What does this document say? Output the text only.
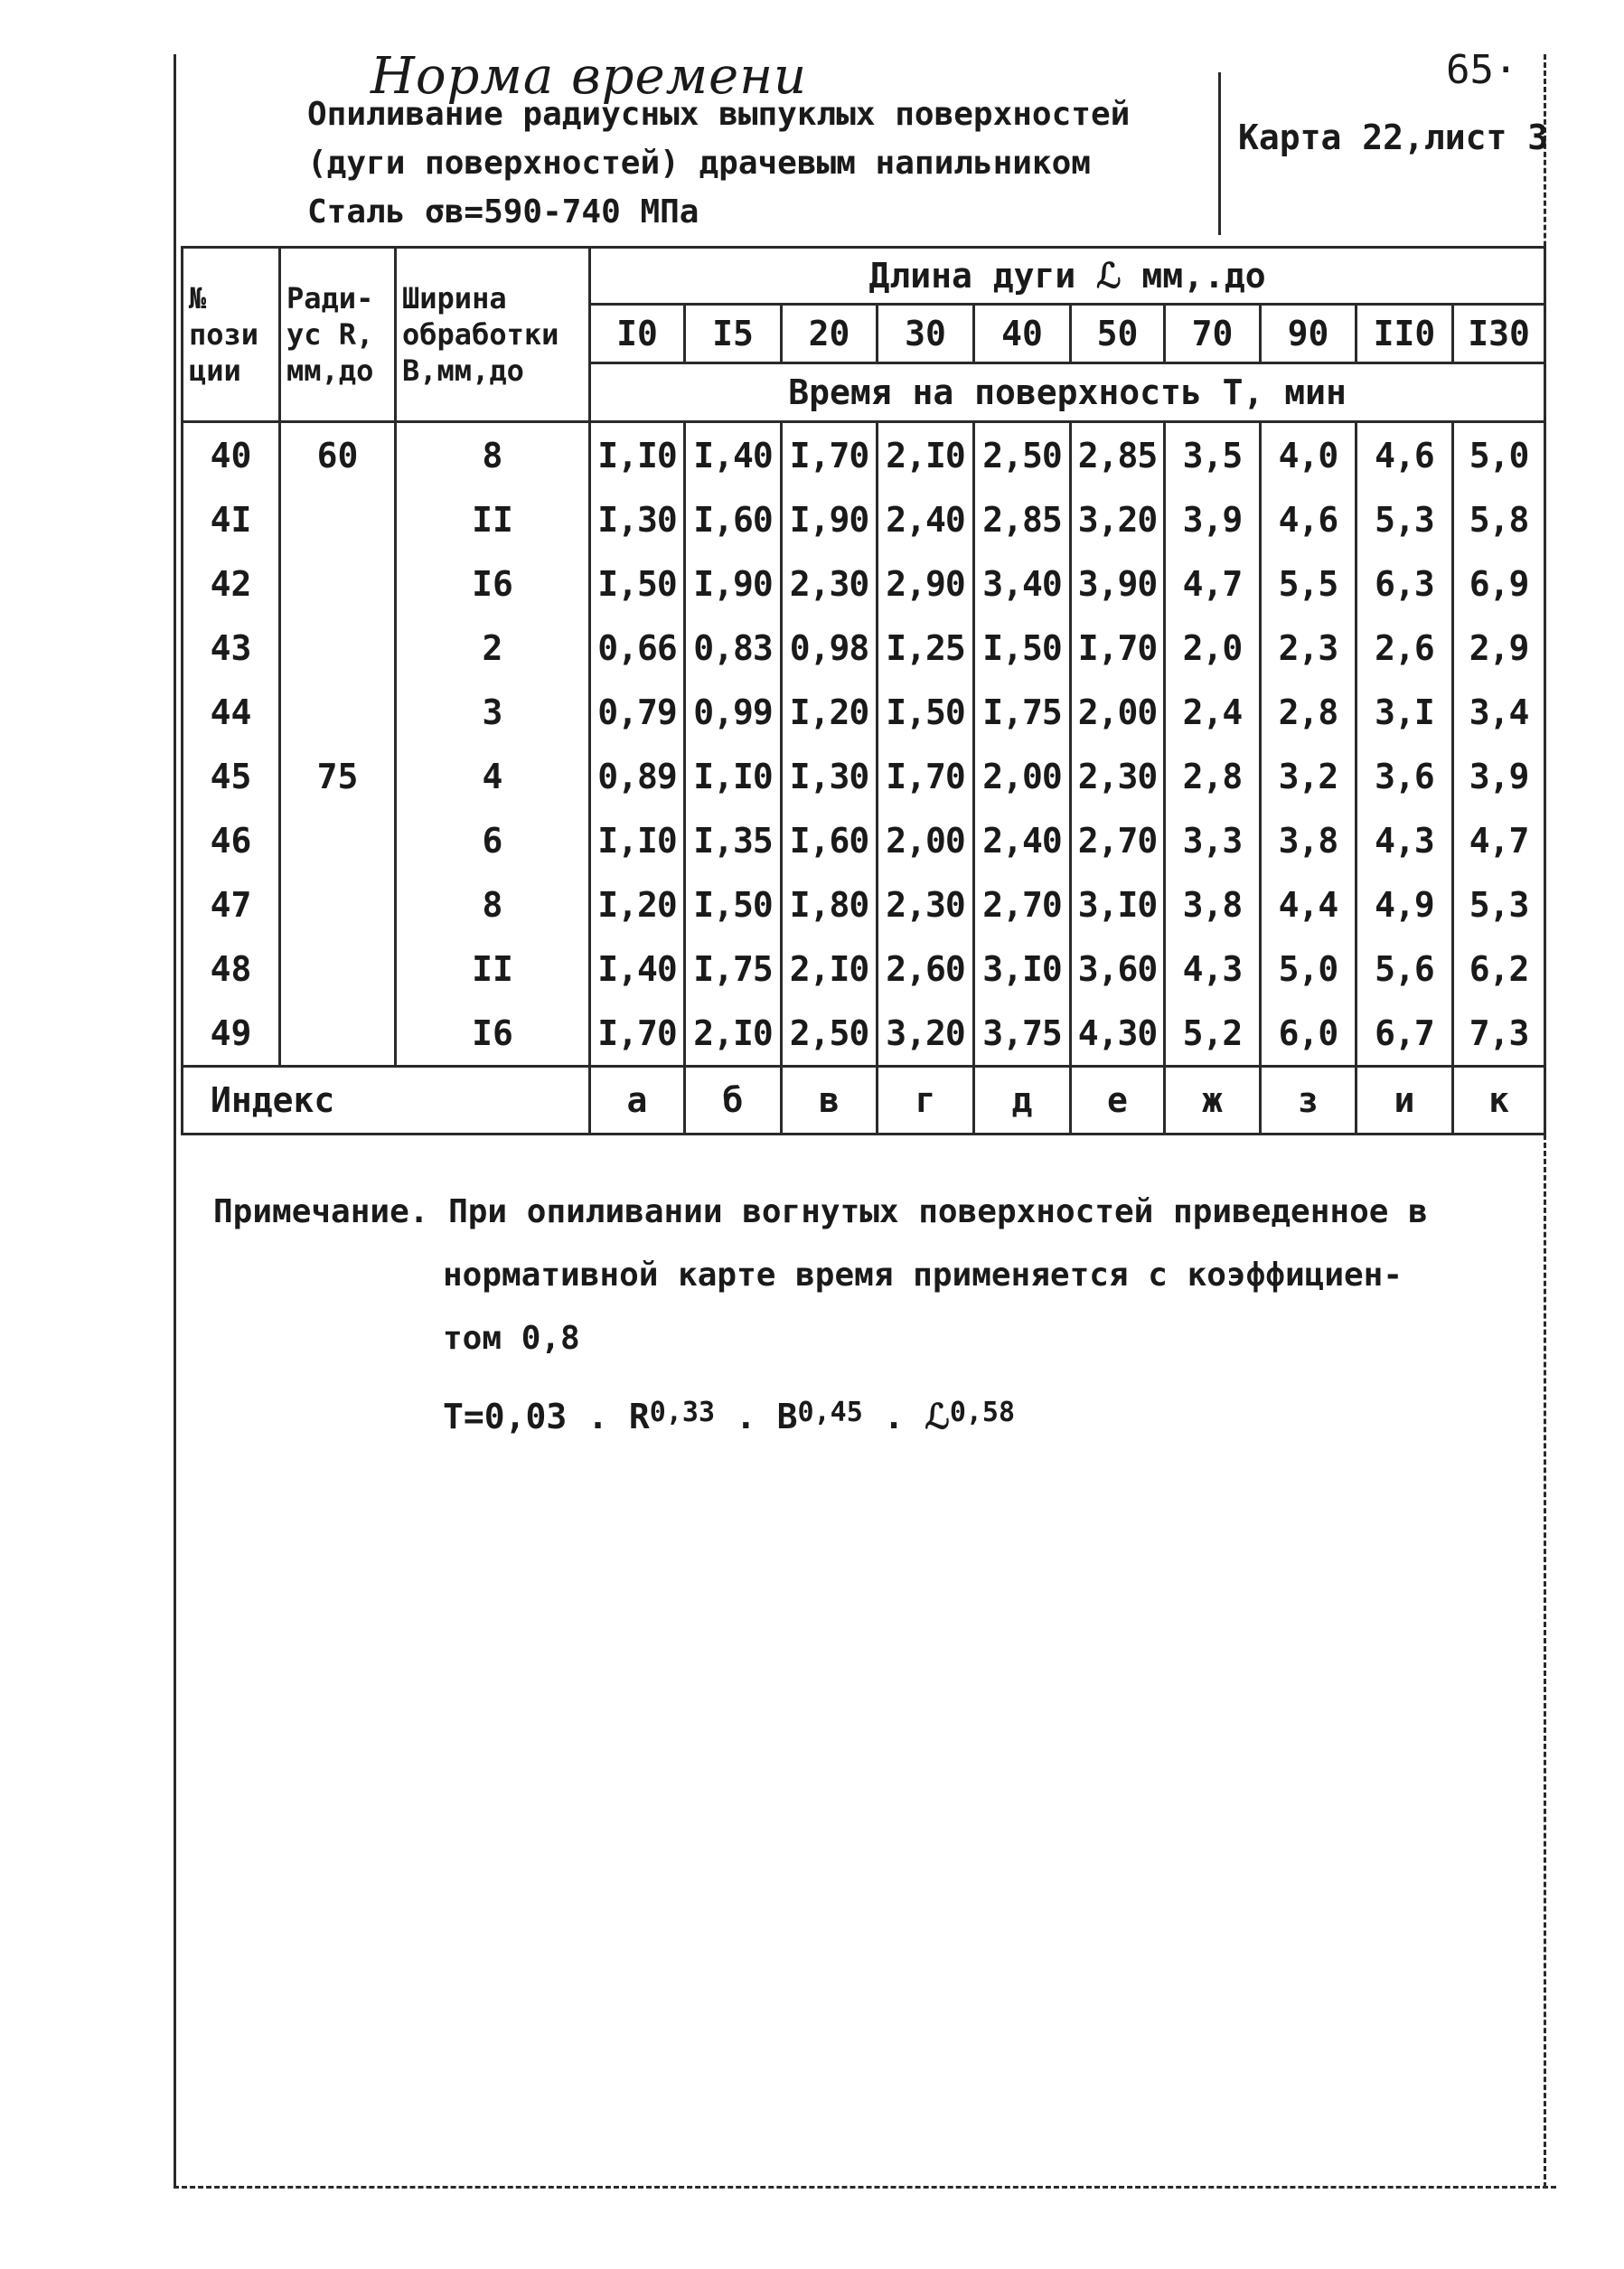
65·
Норма времени
Опиливание радиусных выпуклых поверхностей
(дуги поверхностей) драчевым напильником
Сталь σв=590-740 МПа
Карта 22,лист 3
№
пози
ции	Ради-
ус R,
мм,до	Ширина
обработки
В,мм,до	Длина дуги ℒ мм,.до									
			I0	I5	20	30	40	50	70	90	II0	I30
			Время на поверхность Т, мин									
40	60	8	I,I0	I,40	I,70	2,I0	2,50	2,85	3,5	4,0	4,6	5,0
4I		II	I,30	I,60	I,90	2,40	2,85	3,20	3,9	4,6	5,3	5,8
42		I6	I,50	I,90	2,30	2,90	3,40	3,90	4,7	5,5	6,3	6,9
43		2	0,66	0,83	0,98	I,25	I,50	I,70	2,0	2,3	2,6	2,9
44		3	0,79	0,99	I,20	I,50	I,75	2,00	2,4	2,8	3,I	3,4
45	75	4	0,89	I,I0	I,30	I,70	2,00	2,30	2,8	3,2	3,6	3,9
46		6	I,I0	I,35	I,60	2,00	2,40	2,70	3,3	3,8	4,3	4,7
47		8	I,20	I,50	I,80	2,30	2,70	3,I0	3,8	4,4	4,9	5,3
48		II	I,40	I,75	2,I0	2,60	3,I0	3,60	4,3	5,0	5,6	6,2
49		I6	I,70	2,I0	2,50	3,20	3,75	4,30	5,2	6,0	6,7	7,3
Индекс			а	б	в	г	д	е	ж	з	и	к
Примечание. При опиливании вогнутых поверхностей приведенное в
нормативной карте время применяется с коэффициен-
том 0,8
Т=0,03 . R$^{0,33}$ . B$^{0,45}$ . ℒ$^{0,58}$
